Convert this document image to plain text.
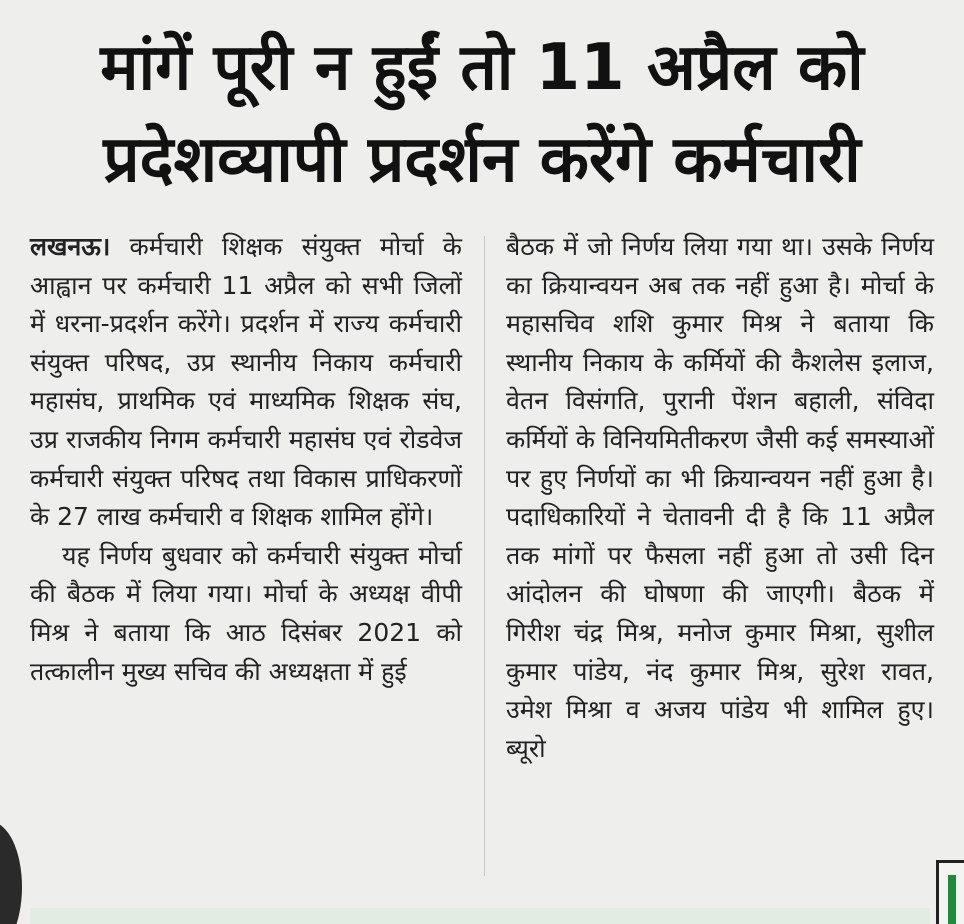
मांगें पूरी न हुईं तो 11 अप्रैल को
प्रदेशव्यापी प्रदर्शन करेंगे कर्मचारी

लखनऊ। कर्मचारी शिक्षक संयुक्त मोर्चा के आह्वान पर कर्मचारी 11 अप्रैल को सभी जिलों में धरना-प्रदर्शन करेंगे। प्रदर्शन में राज्य कर्मचारी संयुक्त परिषद, उप्र स्थानीय निकाय कर्मचारी महासंघ, प्राथमिक एवं माध्यमिक शिक्षक संघ, उप्र राजकीय निगम कर्मचारी महासंघ एवं रोडवेज कर्मचारी संयुक्त परिषद तथा विकास प्राधिकरणों के 27 लाख कर्मचारी व शिक्षक शामिल होंगे।

यह निर्णय बुधवार को कर्मचारी संयुक्त मोर्चा की बैठक में लिया गया। मोर्चा के अध्यक्ष वीपी मिश्र ने बताया कि आठ दिसंबर 2021 को तत्कालीन मुख्य सचिव की अध्यक्षता में हुई

बैठक में जो निर्णय लिया गया था। उसके निर्णय का क्रियान्वयन अब तक नहीं हुआ है। मोर्चा के महासचिव शशि कुमार मिश्र ने बताया कि स्थानीय निकाय के कर्मियों की कैशलेस इलाज, वेतन विसंगति, पुरानी पेंशन बहाली, संविदा कर्मियों के विनियमितीकरण जैसी कई समस्याओं पर हुए निर्णयों का भी क्रियान्वयन नहीं हुआ है। पदाधिकारियों ने चेतावनी दी है कि 11 अप्रैल तक मांगों पर फैसला नहीं हुआ तो उसी दिन आंदोलन की घोषणा की जाएगी। बैठक में गिरीश चंद्र मिश्र, मनोज कुमार मिश्रा, सुशील कुमार पांडेय, नंद कुमार मिश्र, सुरेश रावत, उमेश मिश्रा व अजय पांडेय भी शामिल हुए। ब्यूरो
